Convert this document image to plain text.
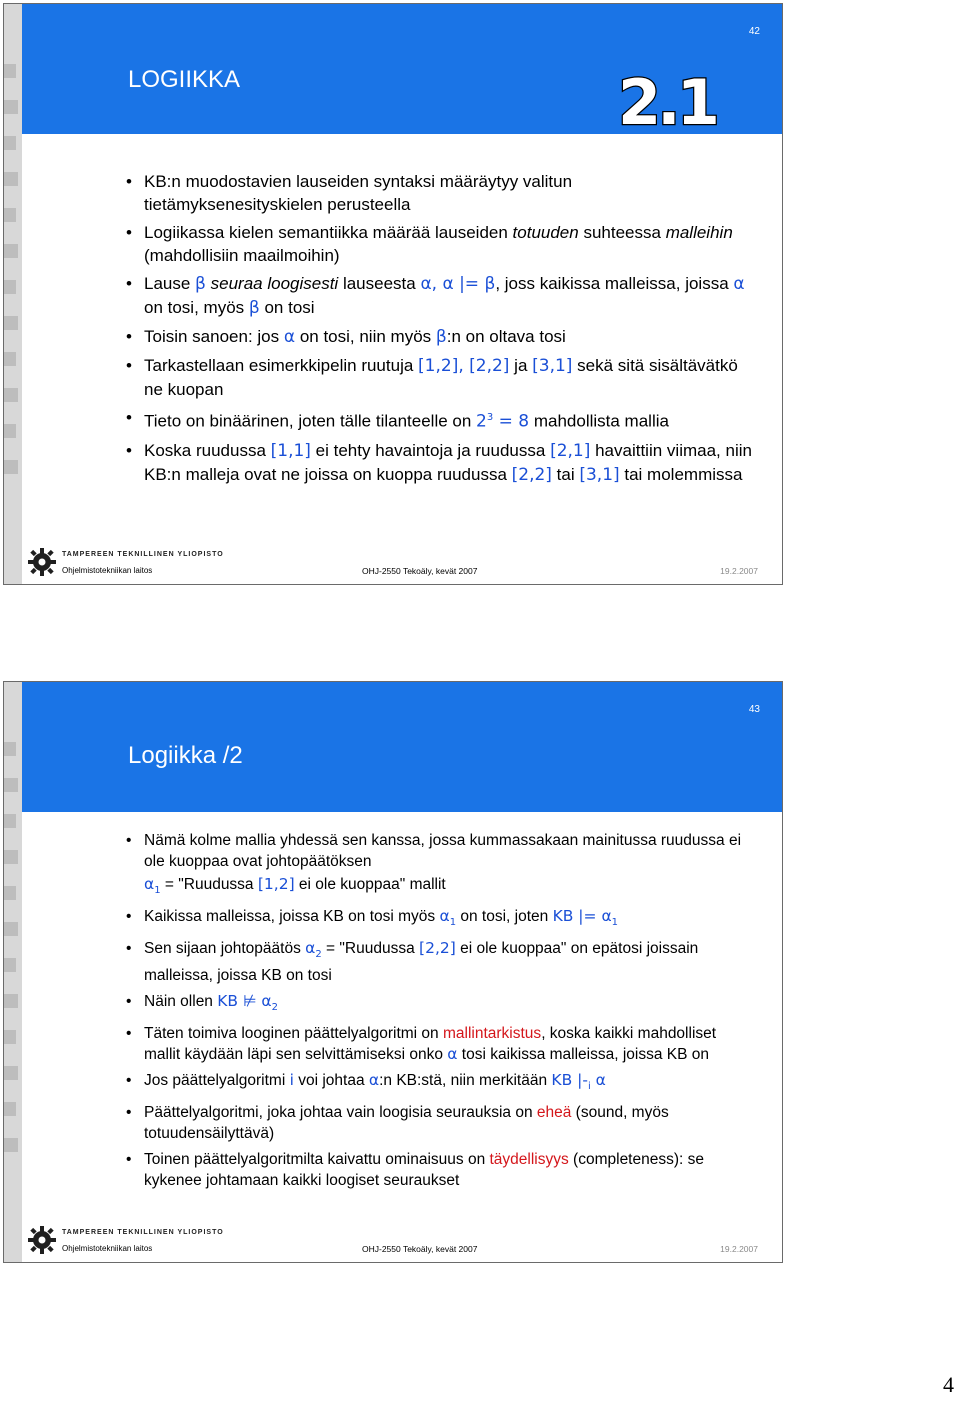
42
LOGIIKKA	2.1
• KB:n muodostavien lauseiden syntaksi määräytyy valitun tietämyksenesityskielen perusteella
• Logiikassa kielen semantiikka määrää lauseiden totuuden suhteessa malleihin (mahdollisiin maailmoihin)
• Lause β seuraa loogisesti lauseesta α, α |= β, joss kaikissa malleissa, joissa α on tosi, myös β on tosi
• Toisin sanoen: jos α on tosi, niin myös β:n on oltava tosi
• Tarkastellaan esimerkkipelin ruutuja [1,2], [2,2] ja [3,1] sekä sitä sisältävätkö ne kuopan
• Tieto on binäärinen, joten tälle tilanteelle on $2^3 = 8$ mahdollista mallia
• Koska ruudussa [1,1] ei tehty havaintoja ja ruudussa [2,1] havaittiin viimaa, niin KB:n malleja ovat ne joissa on kuoppa ruudussa [2,2] tai [3,1] tai molemmissa
TAMPEREEN TEKNILLINEN YLIOPISTO
Ohjelmistotekniikan laitos	OHJ-2550 Tekoäly, kevät 2007	19.2.2007
43
Logiikka /2
• Nämä kolme mallia yhdessä sen kanssa, jossa kummassakaan mainitussa ruudussa ei ole kuoppaa ovat johtopäätöksen
$\alpha_1$ = "Ruudussa [1,2] ei ole kuoppaa" mallit
• Kaikissa malleissa, joissa KB on tosi myös $\alpha_1$ on tosi, joten KB |= $\alpha_1$
• Sen sijaan johtopäätös $\alpha_2$ = "Ruudussa [2,2] ei ole kuoppaa" on epätosi joissain malleissa, joissa KB on tosi
• Näin ollen KB ⊭ $\alpha_2$
• Täten toimiva looginen päättelyalgoritmi on mallintarkistus, koska kaikki mahdolliset mallit käydään läpi sen selvittämiseksi onko α tosi kaikissa malleissa, joissa KB on
• Jos päättelyalgoritmi i voi johtaa α:n KB:stä, niin merkitään KB $|-_i$ α
• Päättelyalgoritmi, joka johtaa vain loogisia seurauksia on eheä (sound, myös totuudensäilyttävä)
• Toinen päättelyalgoritmilta kaivattu ominaisuus on täydellisyys (completeness): se kykenee johtamaan kaikki loogiset seuraukset
TAMPEREEN TEKNILLINEN YLIOPISTO
Ohjelmistotekniikan laitos	OHJ-2550 Tekoäly, kevät 2007	19.2.2007
4
